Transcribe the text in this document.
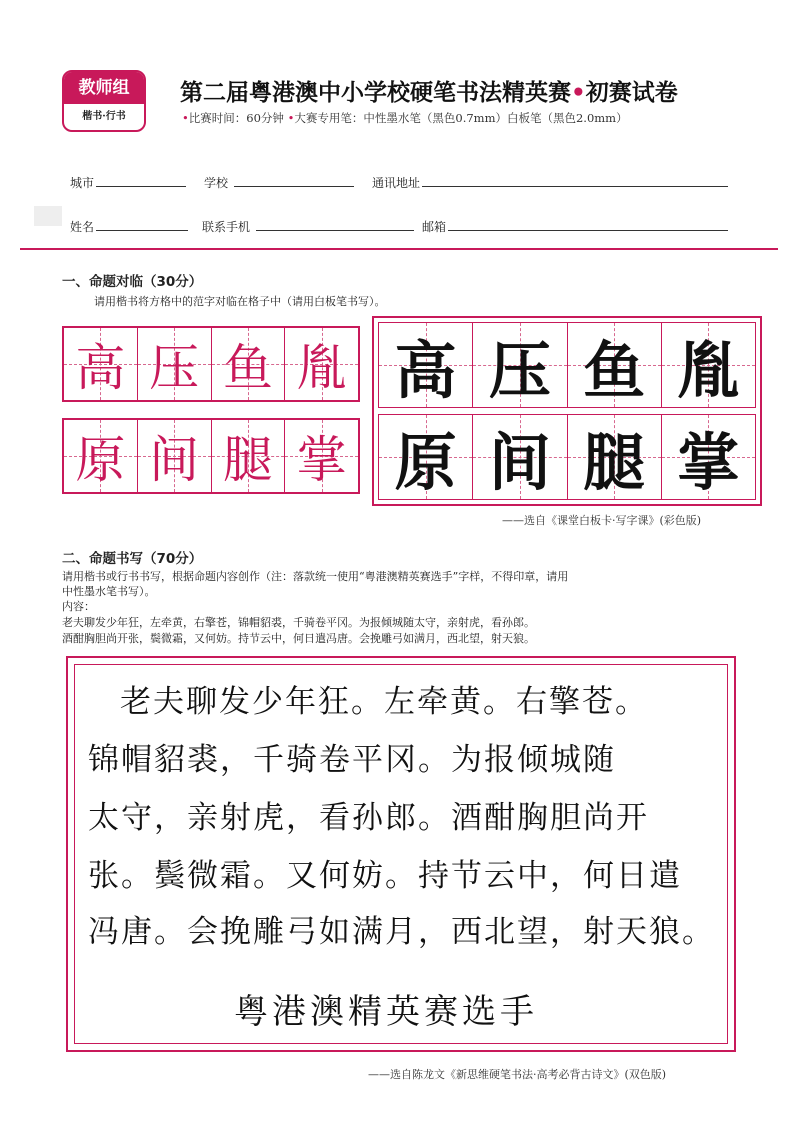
教师组
楷书·行书
第二届粤港澳中小学校硬笔书法精英赛•初赛试卷
•比赛时间：60分钟 •大赛专用笔：中性墨水笔（黑色0.7mm）白板笔（黑色2.0mm）
城市	学校	通讯地址
姓名	联系手机	邮箱
一、命题对临（30分）
请用楷书将方格中的范字对临在格子中（请用白板笔书写）。
高 压 鱼 胤
原 间 腿 掌
高 压 鱼 胤
原 间 腿 掌
——选自《课堂白板卡·写字课》(彩色版)
二、命题书写（70分）
请用楷书或行书书写，根据命题内容创作（注：落款统一使用“粤港澳精英赛选手”字样，不得印章，请用
中性墨水笔书写）。
内容：
老夫聊发少年狂，左牵黄，右擎苍，锦帽貂裘，千骑卷平冈。为报倾城随太守，亲射虎，看孙郎。
酒酣胸胆尚开张，鬓微霜，又何妨。持节云中，何日遣冯唐。会挽雕弓如满月，西北望，射天狼。
老夫聊发少年狂。左牵黄。右擎苍。
锦帽貂裘，千骑卷平冈。为报倾城随
太守，亲射虎，看孙郎。酒酣胸胆尚开
张。鬓微霜。又何妨。持节云中，何日遣
冯唐。会挽雕弓如满月，西北望，射天狼。
粤港澳精英赛选手
——选自陈龙文《新思维硬笔书法·高考必背古诗文》(双色版)
